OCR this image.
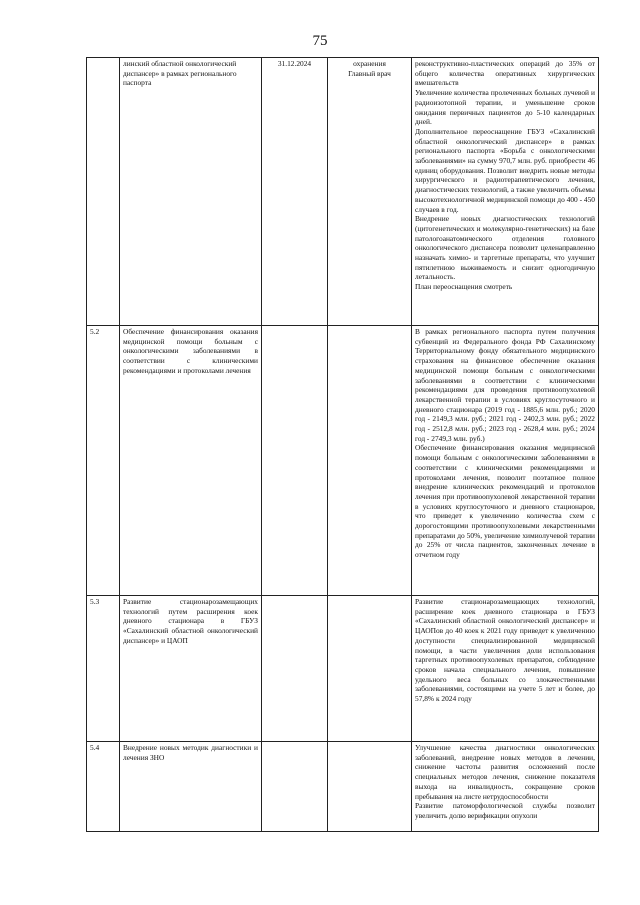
75
	линский областной онкологический диспансер» в рамках регионального паспорта	31.12.2024	охранения
Главный врач	реконструктивно-пластических операций до 35% от общего количества оперативных хирургических вмешательств
Увеличение количества пролеченных больных лучевой и радиоизотопной терапии, и уменьшение сроков ожидания первичных пациентов до 5-10 календарных дней.
Дополнительное переоснащение ГБУЗ «Сахалинский областной онкологический диспансер» в рамках регионального паспорта «Борьба с онкологическими заболеваниями» на сумму 970,7 млн. руб. приобрести 46 единиц оборудования. Позволит внедрить новые методы хирургического и радиотерапевтического лечения, диагностических технологий, а также увеличить объемы высокотехнологичной медицинской помощи до 400 - 450 случаев в год.
Внедрение новых диагностических технологий (цитогенетических и молекулярно-генетических) на базе патологоанатомического отделения головного онкологического диспансера позволит целенаправленно назначать химио- и таргетные препараты, что улучшит пятилетнюю выживаемость и снизит одногодичную летальность.
План переоснащения смотреть

5.2	Обеспечение финансирования оказания медицинской помощи больным с онкологическими заболеваниями в соответствии с клиническими рекомендациями и протоколами лечения			В рамках регионального паспорта путем получения субвенций из Федерального фонда РФ Сахалинскому Территориальному фонду обязательного медицинского страхования на финансовое обеспечение оказания медицинской помощи больным с онкологическими заболеваниями в соответствии с клиническими рекомендациями для проведения противоопухолевой лекарственной терапии в условиях круглосуточного и дневного стационара (2019 год - 1885,6 млн. руб.; 2020 год - 2149,3 млн. руб.; 2021 год - 2402,3 млн. руб.; 2022 год - 2512,8 млн. руб.; 2023 год - 2628,4 млн. руб.; 2024 год - 2749,3 млн. руб.)
Обеспечение финансирования оказания медицинской помощи больным с онкологическими заболеваниями в соответствии с клиническими рекомендациями и протоколами лечения, позволит поэтапное полное внедрение клинических рекомендаций и протоколов лечения при противоопухолевой лекарственной терапии в условиях круглосуточного и дневного стационаров, что приведет к увеличению количества схем с дорогостоящими противоопухолевыми лекарственными препаратами до 50%, увеличение химиолучевой терапии до 25% от числа пациентов, законченных лечение в отчетном году

5.3	Развитие стационарозамещающих технологий путем расширения коек дневного стационара в ГБУЗ «Сахалинский областной онкологический диспансер» и ЦАОП			Развитие стационарозамещающих технологий, расширение коек дневного стационара в ГБУЗ «Сахалинский областной онкологический диспансер» и ЦАОПов до 40 коек к 2021 году приведет к увеличению доступности специализированной медицинской помощи, в части увеличения доли использования таргетных противоопухолевых препаратов, соблюдение сроков начала специального лечения, повышение удельного веса больных со злокачественными заболеваниями, состоящими на учете 5 лет и более, до 57,8% к 2024 году

5.4	Внедрение новых методик диагностики и лечения ЗНО			Улучшение качества диагностики онкологических заболеваний, внедрение новых методов в лечении, снижение частоты развития осложнений после специальных методов лечения, снижение показателя выхода на инвалидность, сокращение сроков пребывания на листе нетрудоспособности
Развитие патоморфологической службы позволит увеличить долю верификации опухоли
